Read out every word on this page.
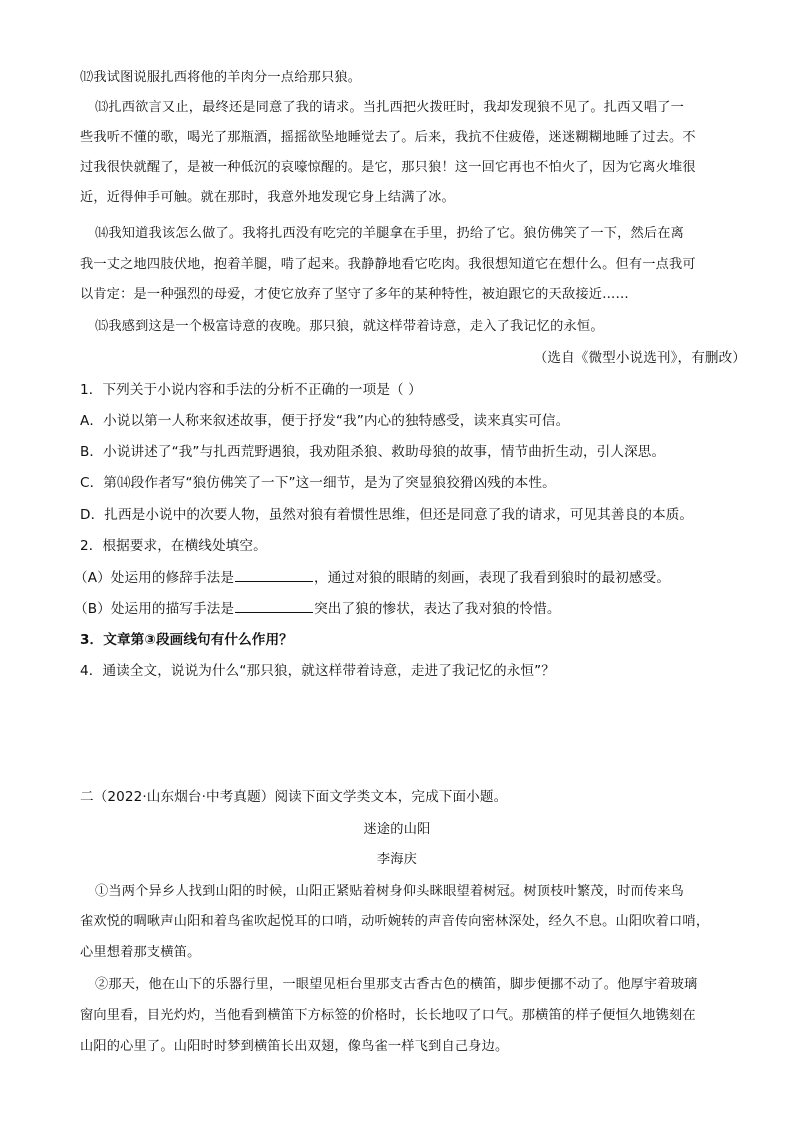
⑿我试图说服扎西将他的羊肉分一点给那只狼。
⒀扎西欲言又止，最终还是同意了我的请求。当扎西把火拨旺时，我却发现狼不见了。扎西又唱了一
些我听不懂的歌，喝光了那瓶酒，摇摇欲坠地睡觉去了。后来，我抗不住疲倦，迷迷糊糊地睡了过去。不
过我很快就醒了，是被一种低沉的哀嚎惊醒的。是它，那只狼！这一回它再也不怕火了，因为它离火堆很
近，近得伸手可触。就在那时，我意外地发现它身上结满了冰。
⒁我知道我该怎么做了。我将扎西没有吃完的羊腿拿在手里，扔给了它。狼仿佛笑了一下，然后在离
我一丈之地四肢伏地，抱着羊腿，啃了起来。我静静地看它吃肉。我很想知道它在想什么。但有一点我可
以肯定：是一种强烈的母爱，才使它放弃了坚守了多年的某种特性，被迫跟它的天敌接近……
⒂我感到这是一个极富诗意的夜晚。那只狼，就这样带着诗意，走入了我记忆的永恒。
（选自《微型小说选刊》，有删改）
1．下列关于小说内容和手法的分析不正确的一项是（ ）
A．小说以第一人称来叙述故事，便于抒发“我”内心的独特感受，读来真实可信。
B．小说讲述了“我”与扎西荒野遇狼，我劝阻杀狼、救助母狼的故事，情节曲折生动，引人深思。
C．第⒁段作者写“狼仿佛笑了一下”这一细节，是为了突显狼狡猾凶残的本性。
D．扎西是小说中的次要人物，虽然对狼有着惯性思维，但还是同意了我的请求，可见其善良的本质。
2．根据要求，在横线处填空。
（A）处运用的修辞手法是	，通过对狼的眼睛的刻画，表现了我看到狼时的最初感受。
（B）处运用的描写手法是	突出了狼的惨状，表达了我对狼的怜惜。
3．文章第③段画线句有什么作用？
4．通读全文，说说为什么“那只狼，就这样带着诗意，走进了我记忆的永恒”？
二（2022·山东烟台·中考真题）阅读下面文学类文本，完成下面小题。
迷途的山阳
李海庆
①当两个异乡人找到山阳的时候，山阳正紧贴着树身仰头眯眼望着树冠。树顶枝叶繁茂，时而传来鸟
雀欢悦的啁啾声山阳和着鸟雀吹起悦耳的口哨，动听婉转的声音传向密林深处，经久不息。山阳吹着口哨，
心里想着那支横笛。
②那天，他在山下的乐器行里，一眼望见柜台里那支古香古色的横笛，脚步便挪不动了。他厚宇着玻璃
窗向里看，目光灼灼，当他看到横笛下方标签的价格时，长长地叹了口气。那横笛的样子便恒久地镌刻在
山阳的心里了。山阳时时梦到横笛长出双翅，像鸟雀一样飞到自己身边。
